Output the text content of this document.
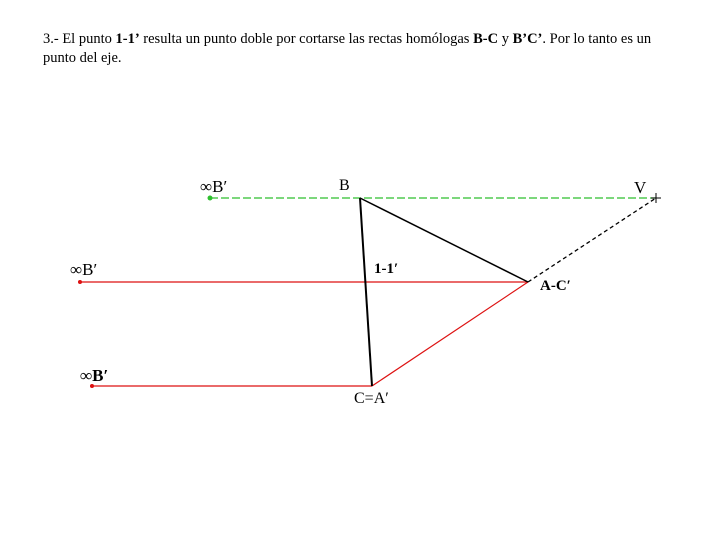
3.- El punto 1-1’ resulta un punto doble por cortarse las rectas homólogas B-C y B’C’. Por lo tanto es un punto del eje.
∞B′
∞B′
∞B′
B	V
1-1′
A-C′
C=A′
